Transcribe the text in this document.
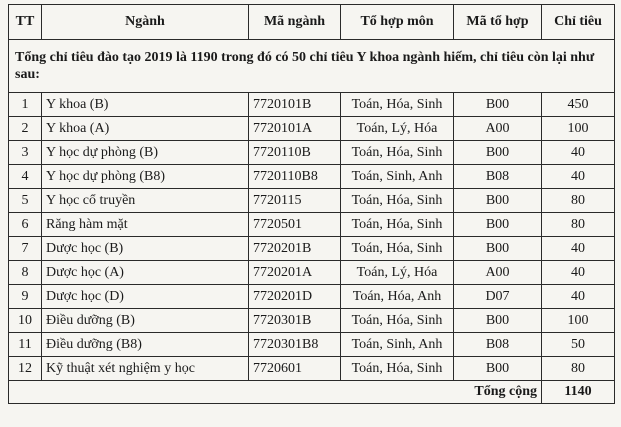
TT	Ngành	Mã ngành	Tổ hợp môn	Mã tổ hợp	Chỉ tiêu
Tổng chỉ tiêu đào tạo 2019 là 1190 trong đó có 50 chỉ tiêu Y khoa ngành hiếm, chỉ tiêu còn lại như sau:					
1	Y khoa (B)	7720101B	Toán, Hóa, Sinh	B00	450
2	Y khoa (A)	7720101A	Toán, Lý, Hóa	A00	100
3	Y học dự phòng (B)	7720110B	Toán, Hóa, Sinh	B00	40
4	Y học dự phòng (B8)	7720110B8	Toán, Sinh, Anh	B08	40
5	Y học cổ truyền	7720115	Toán, Hóa, Sinh	B00	80
6	Răng hàm mặt	7720501	Toán, Hóa, Sinh	B00	80
7	Dược học (B)	7720201B	Toán, Hóa, Sinh	B00	40
8	Dược học (A)	7720201A	Toán, Lý, Hóa	A00	40
9	Dược học (D)	7720201D	Toán, Hóa, Anh	D07	40
10	Điều dưỡng (B)	7720301B	Toán, Hóa, Sinh	B00	100
11	Điều dưỡng (B8)	7720301B8	Toán, Sinh, Anh	B08	50
12	Kỹ thuật xét nghiệm y học	7720601	Toán, Hóa, Sinh	B00	80
				Tổng cộng	1140
